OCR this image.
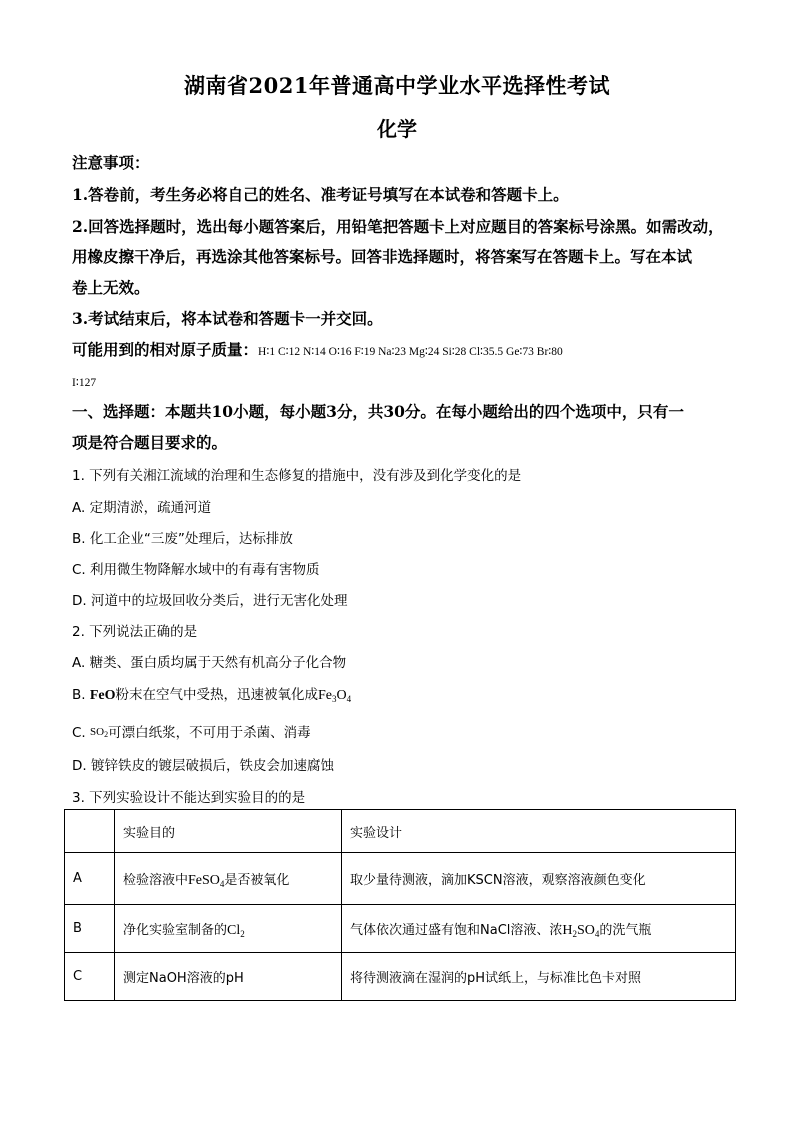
湖南省2021年普通高中学业水平选择性考试
化学
注意事项：
1.答卷前，考生务必将自己的姓名、准考证号填写在本试卷和答题卡上。
2.回答选择题时，选出每小题答案后，用铅笔把答题卡上对应题目的答案标号涂黑。如需改动，
用橡皮擦干净后，再选涂其他答案标号。回答非选择题时，将答案写在答题卡上。写在本试
卷上无效。
3.考试结束后，将本试卷和答题卡一并交回。
可能用到的相对原子质量：H∶1 C∶12 N∶14 O∶16 F∶19 Na∶23 Mg∶24 Si∶28 Cl∶35.5 Ge∶73 Br∶80
I∶127
一、选择题：本题共10小题，每小题3分，共30分。在每小题给出的四个选项中，只有一
项是符合题目要求的。
1. 下列有关湘江流域的治理和生态修复的措施中，没有涉及到化学变化的是
A. 定期清淤，疏通河道
B. 化工企业“三废”处理后，达标排放
C. 利用微生物降解水域中的有毒有害物质
D. 河道中的垃圾回收分类后，进行无害化处理
2. 下列说法正确的是
A. 糖类、蛋白质均属于天然有机高分子化合物
B. FeO粉末在空气中受热，迅速被氧化成$Fe_3O_4$
C. $SO_2$可漂白纸浆，不可用于杀菌、消毒
D. 镀锌铁皮的镀层破损后，铁皮会加速腐蚀
3. 下列实验设计不能达到实验目的的是
	实验目的	实验设计
A	检验溶液中FeSO$_4$是否被氧化	取少量待测液，滴加KSCN溶液，观察溶液颜色变化
B	净化实验室制备的$Cl_2$	气体依次通过盛有饱和NaCl溶液、浓$H_2SO_4$的洗气瓶
C	测定NaOH溶液的pH	将待测液滴在湿润的pH试纸上，与标准比色卡对照
